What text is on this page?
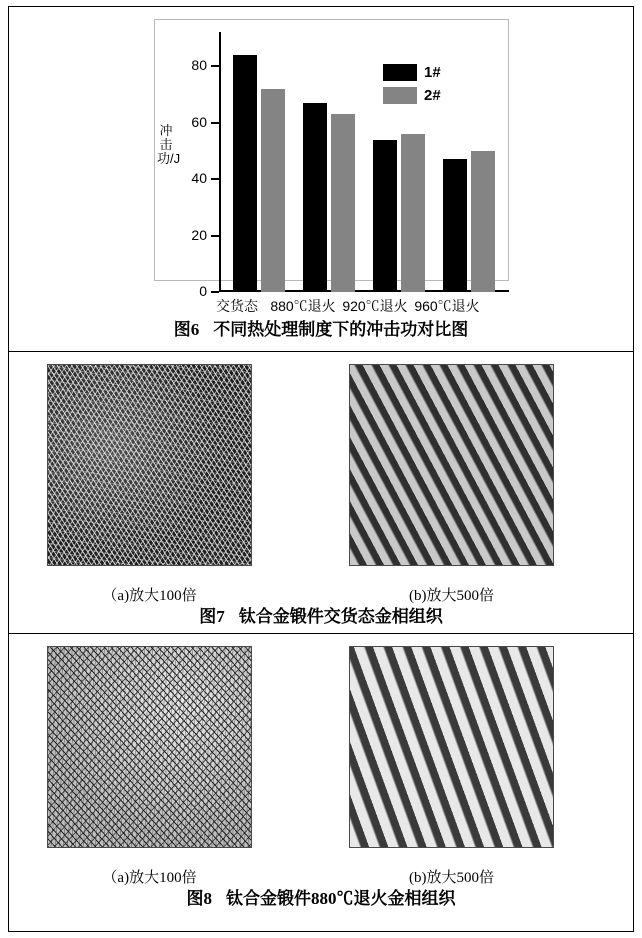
冲击功/J
0
20
40
60
80
交货态 880℃退火 920℃退火 960℃退火
1#
2#
图6 不同热处理制度下的冲击功对比图
（a)放大100倍	(b)放大500倍
图7 钛合金锻件交货态金相组织
（a)放大100倍	(b)放大500倍
图8 钛合金锻件880℃退火金相组织
